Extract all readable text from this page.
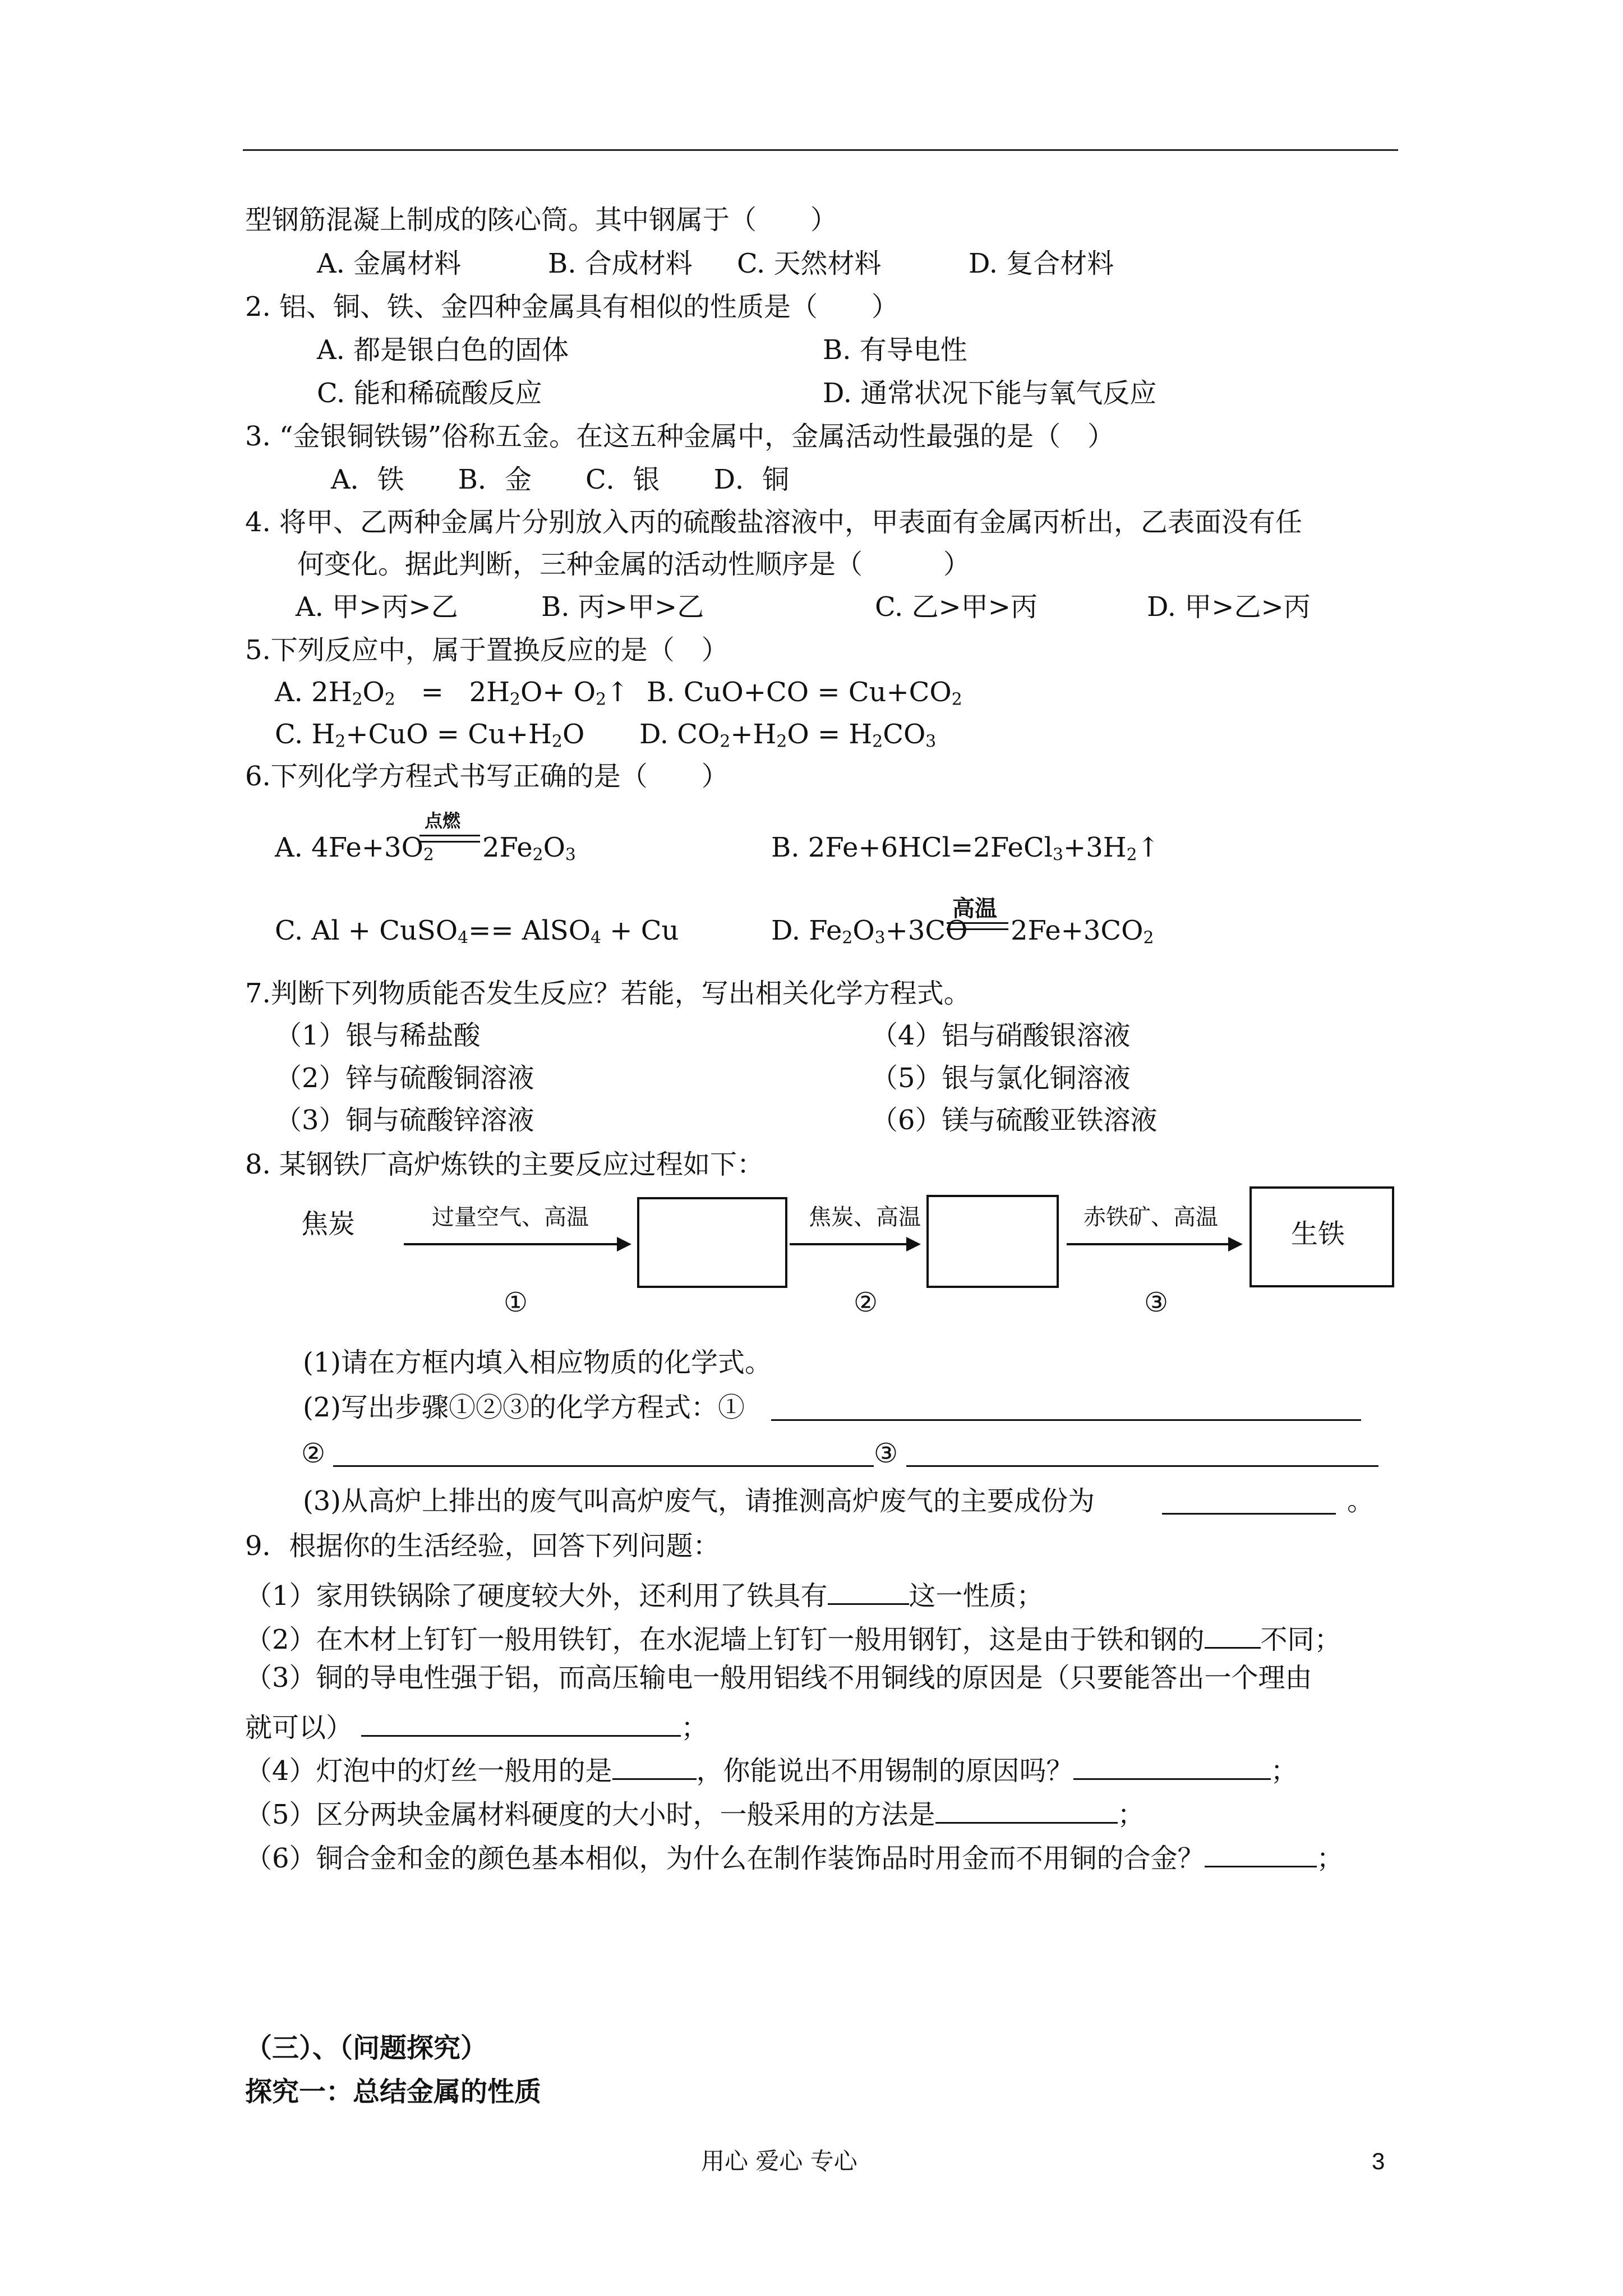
型钢筋混凝上制成的陔心筒。其中钢属于（　　）
A. 金属材料	B. 合成材料 C. 天然材料	D. 复合材料
2. 铝、铜、铁、金四种金属具有相似的性质是（　　）
A. 都是银白色的固体	B. 有导电性
C. 能和稀硫酸反应	D. 通常状况下能与氧气反应
3. “金银铜铁锡”俗称五金。在这五种金属中，金属活动性最强的是（　）
A．铁　　B．金　　C．银　　D．铜
4. 将甲、乙两种金属片分别放入丙的硫酸盐溶液中，甲表面有金属丙析出，乙表面没有任
何变化。据此判断，三种金属的活动性顺序是（　　　）
A. 甲>丙>乙	B. 丙>甲>乙	C. 乙>甲>丙	D. 甲>乙>丙
5.下列反应中，属于置换反应的是（　）
A. $2H_2O_2 = 2H_2O+$ $O_2↑$ B. $CuO+CO = Cu+CO_2$
C. $H_2+CuO = Cu+H_2O$ D. $CO_2+H_2O = H_2CO_3$
6.下列化学方程式书写正确的是（　　）
A. $4Fe+3O_2$
点燃
$2Fe_2O_3$	B. $2Fe+6HCl=2FeCl_3+3H_2↑$
C. Al + CuSO$_4$== AlSO$_4$ + Cu	D. $Fe_2O_3+3CO$
高温
$2Fe+3CO_2$
7.判断下列物质能否发生反应？若能，写出相关化学方程式。
（1）银与稀盐酸
（2）锌与硫酸铜溶液
（3）铜与硫酸锌溶液
（4）铝与硝酸银溶液
（5）银与氯化铜溶液
（6）镁与硫酸亚铁溶液
8. 某钢铁厂高炉炼铁的主要反应过程如下：
焦炭	过量空气、高温	焦炭、高温	赤铁矿、高温
生铁
①	②	③
(1)请在方框内填入相应物质的化学式。
(2)写出步骤①②③的化学方程式：①
②	③
(3)从高炉上排出的废气叫高炉废气，请推测高炉废气的主要成份为	。
9．根据你的生活经验，回答下列问题：
（1）家用铁锅除了硬度较大外，还利用了铁具有	这一性质；
（2）在木材上钉钉一般用铁钉，在水泥墙上钉钉一般用钢钉，这是由于铁和钢的 不同；
（3）铜的导电性强于铝，而高压输电一般用铝线不用铜线的原因是（只要能答出一个理由
就可以）	；
（4）灯泡中的灯丝一般用的是	，你能说出不用锡制的原因吗？	；
（5）区分两块金属材料硬度的大小时，一般采用的方法是	；
（6）铜合金和金的颜色基本相似，为什么在制作装饰品时用金而不用铜的合金？	；
（三）、（问题探究）
探究一：总结金属的性质
用心 爱心 专心	3
